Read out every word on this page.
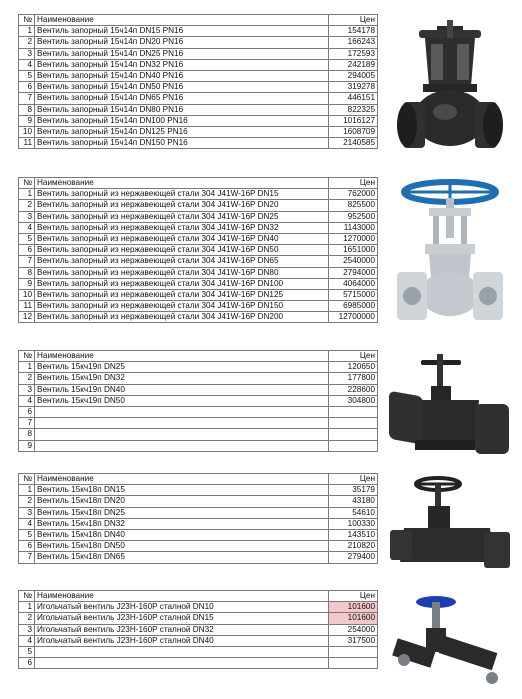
№	Наименование	Цен
1	Вентиль запорный 15ч14п DN15 PN16	154178
2	Вентиль запорный 15ч14п DN20 PN16	166243
3	Вентиль запорный 15ч14п DN25 PN16	172593
4	Вентиль запорный 15ч14п DN32 PN16	242189
5	Вентиль запорный 15ч14п DN40 PN16	294005
6	Вентиль запорный 15ч14п DN50 PN16	319278
7	Вентиль запорный 15ч14п DN65 PN16	446151
8	Вентиль запорный 15ч14п DN80 PN16	822325
9	Вентиль запорный 15ч14п DN100 PN16	1016127
10	Вентиль запорный 15ч14п DN125 PN16	1608709
11	Вентиль запорный 15ч14п DN150 PN16	2140585
№	Наименование	Цен
1	Вентиль запорный из нержавеющей стали 304 J41W-16P DN15	762000
2	Вентиль запорный из нержавеющей стали 304 J41W-16P DN20	825500
3	Вентиль запорный из нержавеющей стали 304 J41W-16P DN25	952500
4	Вентиль запорный из нержавеющей стали 304 J41W-16P DN32	1143000
5	Вентиль запорный из нержавеющей стали 304 J41W-16P DN40	1270000
6	Вентиль запорный из нержавеющей стали 304 J41W-16P DN50	1651000
7	Вентиль запорный из нержавеющей стали 304 J41W-16P DN65	2540000
8	Вентиль запорный из нержавеющей стали 304 J41W-16P DN80	2794000
9	Вентиль запорный из нержавеющей стали 304 J41W-16P DN100	4064000
10	Вентиль запорный из нержавеющей стали 304 J41W-16P DN125	5715000
11	Вентиль запорный из нержавеющей стали 304 J41W-16P DN150	6985000
12	Вентиль запорный из нержавеющей стали 304 J41W-16P DN200	12700000
№	Наименование	Цен
1	Вентиль 15кч19п DN25	120650
2	Вентиль 15кч19п DN32	177800
3	Вентиль 15кч19п DN40	228600
4	Вентиль 15кч19п DN50	304800
6		
7		
8		
9		
№	Наименование	Цен
1	Вентиль 15кч18п DN15	35179
2	Вентиль 15кч18п DN20	43180
3	Вентиль 15кч18п DN25	54610
4	Вентиль 15кч18п DN32	100330
5	Вентиль 15кч18п DN40	143510
6	Вентиль 15кч18п DN50	210820
7	Вентиль 15кч18п DN65	279400
№	Наименование	Цен
1	Игольчатый вентиль J23H-160P сталной DN10	101600
2	Игольчатый вентиль J23H-160P сталной DN15	101600
3	Игольчатый вентиль J23H-160P сталной DN32	254000
4	Игольчатый вентиль J23H-160P сталной DN40	317500
5		
6		
